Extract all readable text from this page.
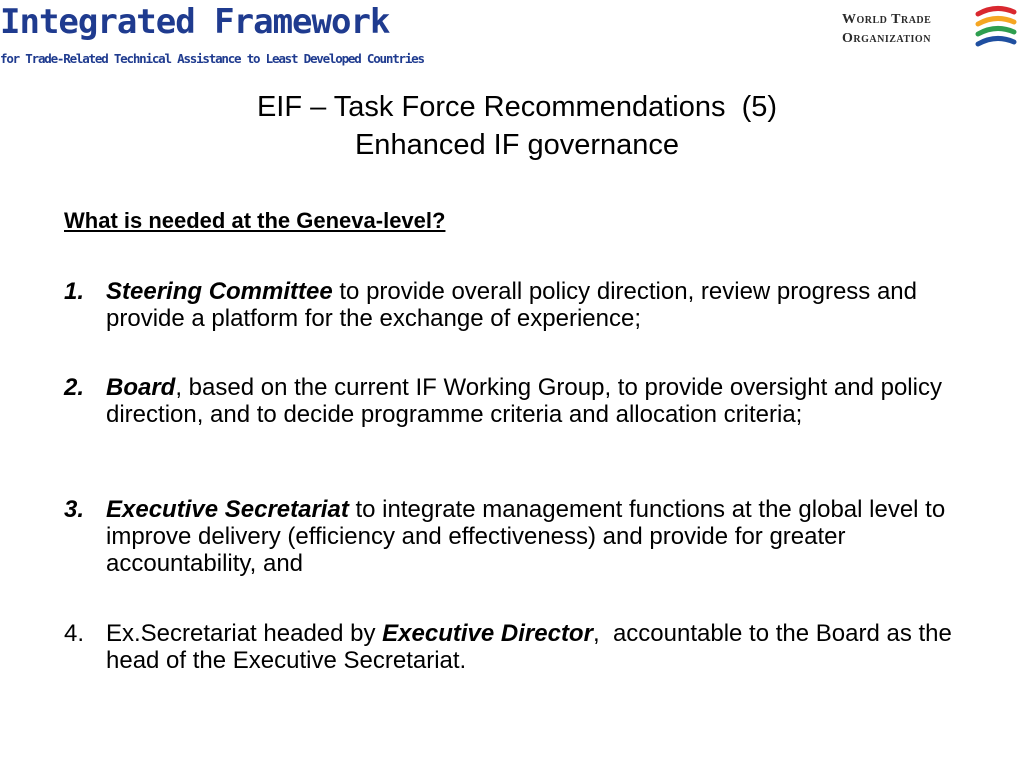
Integrated Framework
for Trade-Related Technical Assistance to Least Developed Countries
World Trade
Organization
EIF – Task Force Recommendations  (5)
Enhanced IF governance
What is needed at the Geneva-level?
1. Steering Committee to provide overall policy direction, review progress and provide a platform for the exchange of experience;
2. Board, based on the current IF Working Group, to provide oversight and policy direction, and to decide programme criteria and allocation criteria;
3. Executive Secretariat to integrate management functions at the global level to improve delivery (efficiency and effectiveness) and provide for greater accountability, and
4. Ex.Secretariat headed by Executive Director,  accountable to the Board as the head of the Executive Secretariat.
